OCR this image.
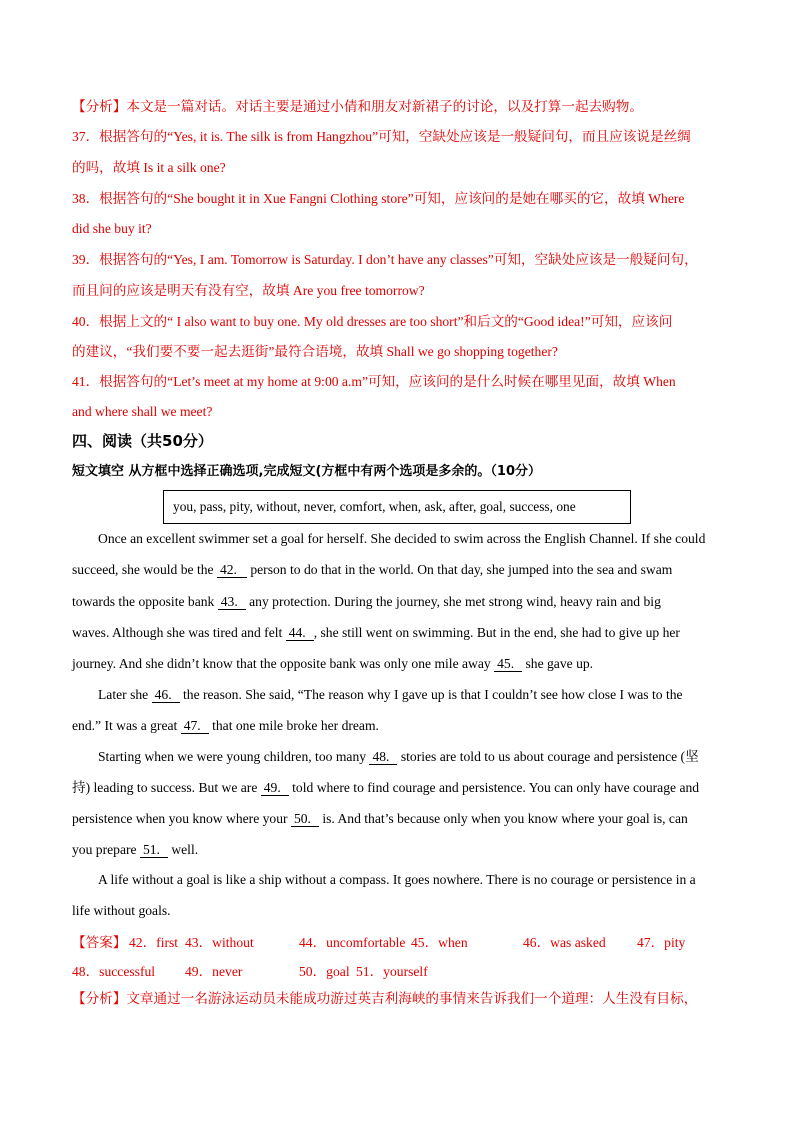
【分析】本文是一篇对话。对话主要是通过小倩和朋友对新裙子的讨论，以及打算一起去购物。
37．根据答句的“Yes, it is. The silk is from Hangzhou”可知，空缺处应该是一般疑问句，而且应该说是丝绸
的吗，故填 Is it a silk one?
38．根据答句的“She bought it in Xue Fangni Clothing store”可知，应该问的是她在哪买的它，故填 Where
did she buy it?
39．根据答句的“Yes, I am. Tomorrow is Saturday. I don’t have any classes”可知，空缺处应该是一般疑问句，
而且问的应该是明天有没有空，故填 Are you free tomorrow?
40．根据上文的“ I also want to buy one. My old dresses are too short”和后文的“Good idea!”可知，应该问
的建议，“我们要不要一起去逛街”最符合语境，故填 Shall we go shopping together?
41．根据答句的“Let’s meet at my home at 9:00 a.m”可知，应该问的是什么时候在哪里见面，故填 When
and where shall we meet?
四、阅读（共50分）
短文填空 从方框中选择正确选项,完成短文(方框中有两个选项是多余的。（10分）
you, pass, pity, without, never, comfort, when, ask, after, goal, success, one
Once an excellent swimmer set a goal for herself. She decided to swim across the English Channel. If she could
succeed, she would be the 42. person to do that in the world. On that day, she jumped into the sea and swam
towards the opposite bank 43. any protection. During the journey, she met strong wind, heavy rain and big
waves. Although she was tired and felt 44. , she still went on swimming. But in the end, she had to give up her
journey. And she didn’t know that the opposite bank was only one mile away 45. she gave up.
Later she 46. the reason. She said, “The reason why I gave up is that I couldn’t see how close I was to the
end.” It was a great 47. that one mile broke her dream.
Starting when we were young children, too many 48. stories are told to us about courage and persistence (坚
持) leading to success. But we are 49. told where to find courage and persistence. You can only have courage and
persistence when you know where your 50. is. And that’s because only when you know where your goal is, can
you prepare 51. well.
A life without a goal is like a ship without a compass. It goes nowhere. There is no courage or persistence in a
life without goals.
【答案】 42．first 43．without	44．uncomfortable 45．when	46．was asked 47．pity
48．successful 49．never	50．goal 51．yourself
【分析】文章通过一名游泳运动员未能成功游过英吉利海峡的事情来告诉我们一个道理：人生没有目标，
